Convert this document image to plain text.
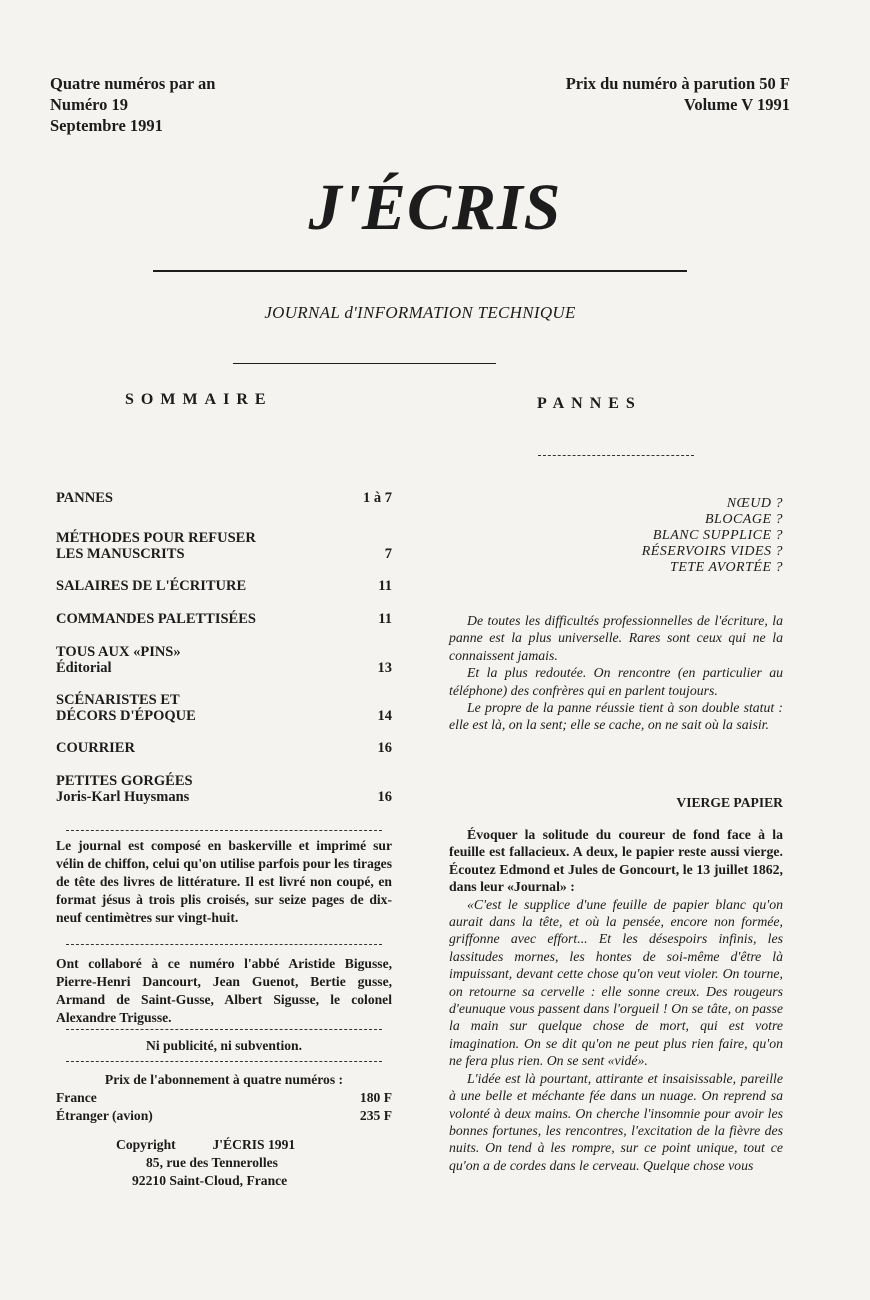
Quatre numéros par an
Numéro 19
Septembre 1991
Prix du numéro à parution 50 F
Volume V 1991
J'ÉCRIS
JOURNAL d'INFORMATION TECHNIQUE
SOMMAIRE
PANNES	1 à 7
MÉTHODES POUR REFUSER
LES MANUSCRITS	7
SALAIRES DE L'ÉCRITURE	11
COMMANDES PALETTISÉES	11
TOUS AUX «PINS»
Éditorial	13
SCÉNARISTES ET
DÉCORS D'ÉPOQUE	14
COURRIER	16
PETITES GORGÉES
Joris-Karl Huysmans	16
Le journal est composé en baskerville et imprimé sur vélin de chiffon, celui qu'on utilise parfois pour les tirages de tête des livres de littérature. Il est livré non coupé, en format jésus à trois plis croisés, sur seize pages de dix-neuf centimètres sur vingt-huit.
Ont collaboré à ce numéro l'abbé Aristide Bigusse, Pierre-Henri Dancourt, Jean Guenot, Bertie gusse, Armand de Saint-Gusse, Albert Sigusse, le colonel Alexandre Trigusse.
Ni publicité, ni subvention.
Prix de l'abonnement à quatre numéros :
France	180 F
Étranger (avion)	235 F
Copyright	J'ÉCRIS 1991
85, rue des Tennerolles
92210 Saint-Cloud, France
PANNES
NŒUD ?
BLOCAGE ?
BLANC SUPPLICE ?
RÉSERVOIRS VIDES ?
TETE AVORTÉE ?

De toutes les difficultés professionnelles de l'écriture, la panne est la plus universelle. Rares sont ceux qui ne la connaissent jamais.

Et la plus redoutée. On rencontre (en particulier au téléphone) des confrères qui en parlent toujours.

Le propre de la panne réussie tient à son double statut : elle est là, on la sent; elle se cache, on ne sait où la saisir.

VIERGE PAPIER

Évoquer la solitude du coureur de fond face à la feuille est fallacieux. A deux, le papier reste aussi vierge. Écoutez Edmond et Jules de Goncourt, le 13 juillet 1862, dans leur «Journal» :

«C'est le supplice d'une feuille de papier blanc qu'on aurait dans la tête, et où la pensée, encore non formée, griffonne avec effort... Et les désespoirs infinis, les lassitudes mornes, les hontes de soi-même d'être là impuissant, devant cette chose qu'on veut violer. On tourne, on retourne sa cervelle : elle sonne creux. Des rougeurs d'eunuque vous passent dans l'orgueil ! On se tâte, on passe la main sur quelque chose de mort, qui est votre imagination. On se dit qu'on ne peut plus rien faire, qu'on ne fera plus rien. On se sent «vidé».

L'idée est là pourtant, attirante et insaisissable, pareille à une belle et méchante fée dans un nuage. On reprend sa volonté à deux mains. On cherche l'insomnie pour avoir les bonnes fortunes, les rencontres, l'excitation de la fièvre des nuits. On tend à les rompre, sur ce point unique, tout ce qu'on a de cordes dans le cerveau. Quelque chose vous
